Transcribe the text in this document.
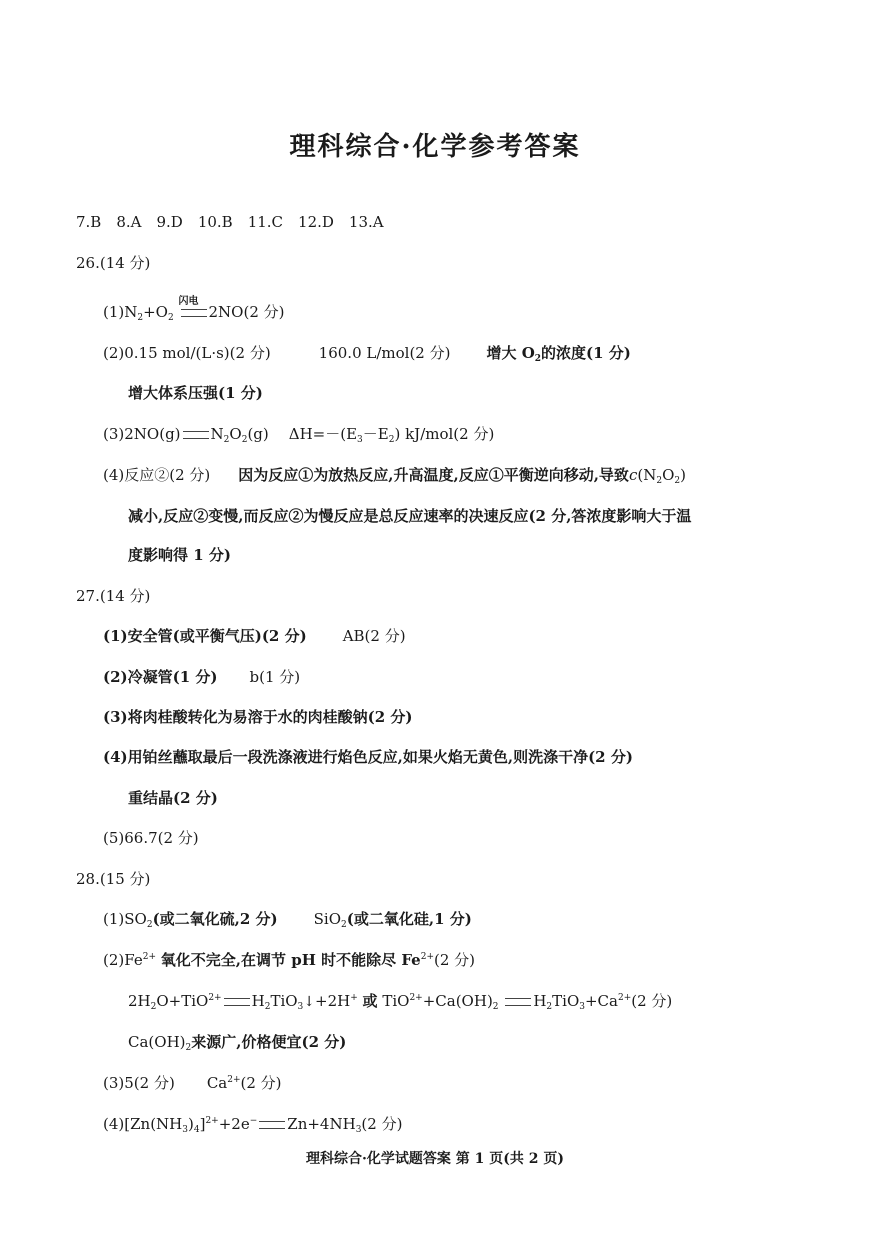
理科综合·化学参考答案
7.B　8.A　9.D　10.B　11.C　12.D　13.A
26.(14 分)
$(1)N_2+O_2$
闪电
2NO(2 分)
(2)0.15 mol/(L·s)(2 分)	160.0 L/mol(2 分) 增大 $O_2$的浓度(1 分)
增大体系压强(1 分)
(3)2NO(g) $N_2O_2(g)$ $\Delta H=-(E_3-E_2)$ kJ/mol(2 分)
(4)反应②(2 分) 因为反应①为放热反应,升高温度,反应①平衡逆向移动,导致$c(N_2O_2)$
减小,反应②变慢,而反应②为慢反应是总反应速率的决速反应(2 分,答浓度影响大于温
度影响得 1 分)
27.(14 分)
(1)安全管(或平衡气压)(2 分) AB(2 分)
(2)冷凝管(1 分) b(1 分)
(3)将肉桂酸转化为易溶于水的肉桂酸钠(2 分)
(4)用铂丝蘸取最后一段洗涤液进行焰色反应,如果火焰无黄色,则洗涤干净(2 分)
重结晶(2 分)
(5)66.7(2 分)
28.(15 分)
$(1)SO_2$(或二氧化硫,2 分) SiO$_2$(或二氧化硅,1 分)
$(2)Fe^{2+}$ 氧化不完全,在调节 pH 时不能除尽 $Fe^{2+}(2$ 分)
$2H_2O+TiO^{2+}$ $H_2TiO_3↓+2H^+$ 或 $TiO^{2+}+Ca(OH)_2$ $H_2TiO_3+Ca^{2+}(2$ 分)
$Ca(OH)_2$来源广,价格便宜(2 分)
(3)5(2 分) $Ca^{2+}(2$ 分)
$(4)[Zn(NH_3)_4]^{2+}+2e^-$ $Zn+4NH_3(2$ 分)
理科综合·化学试题答案 第 1 页(共 2 页)
